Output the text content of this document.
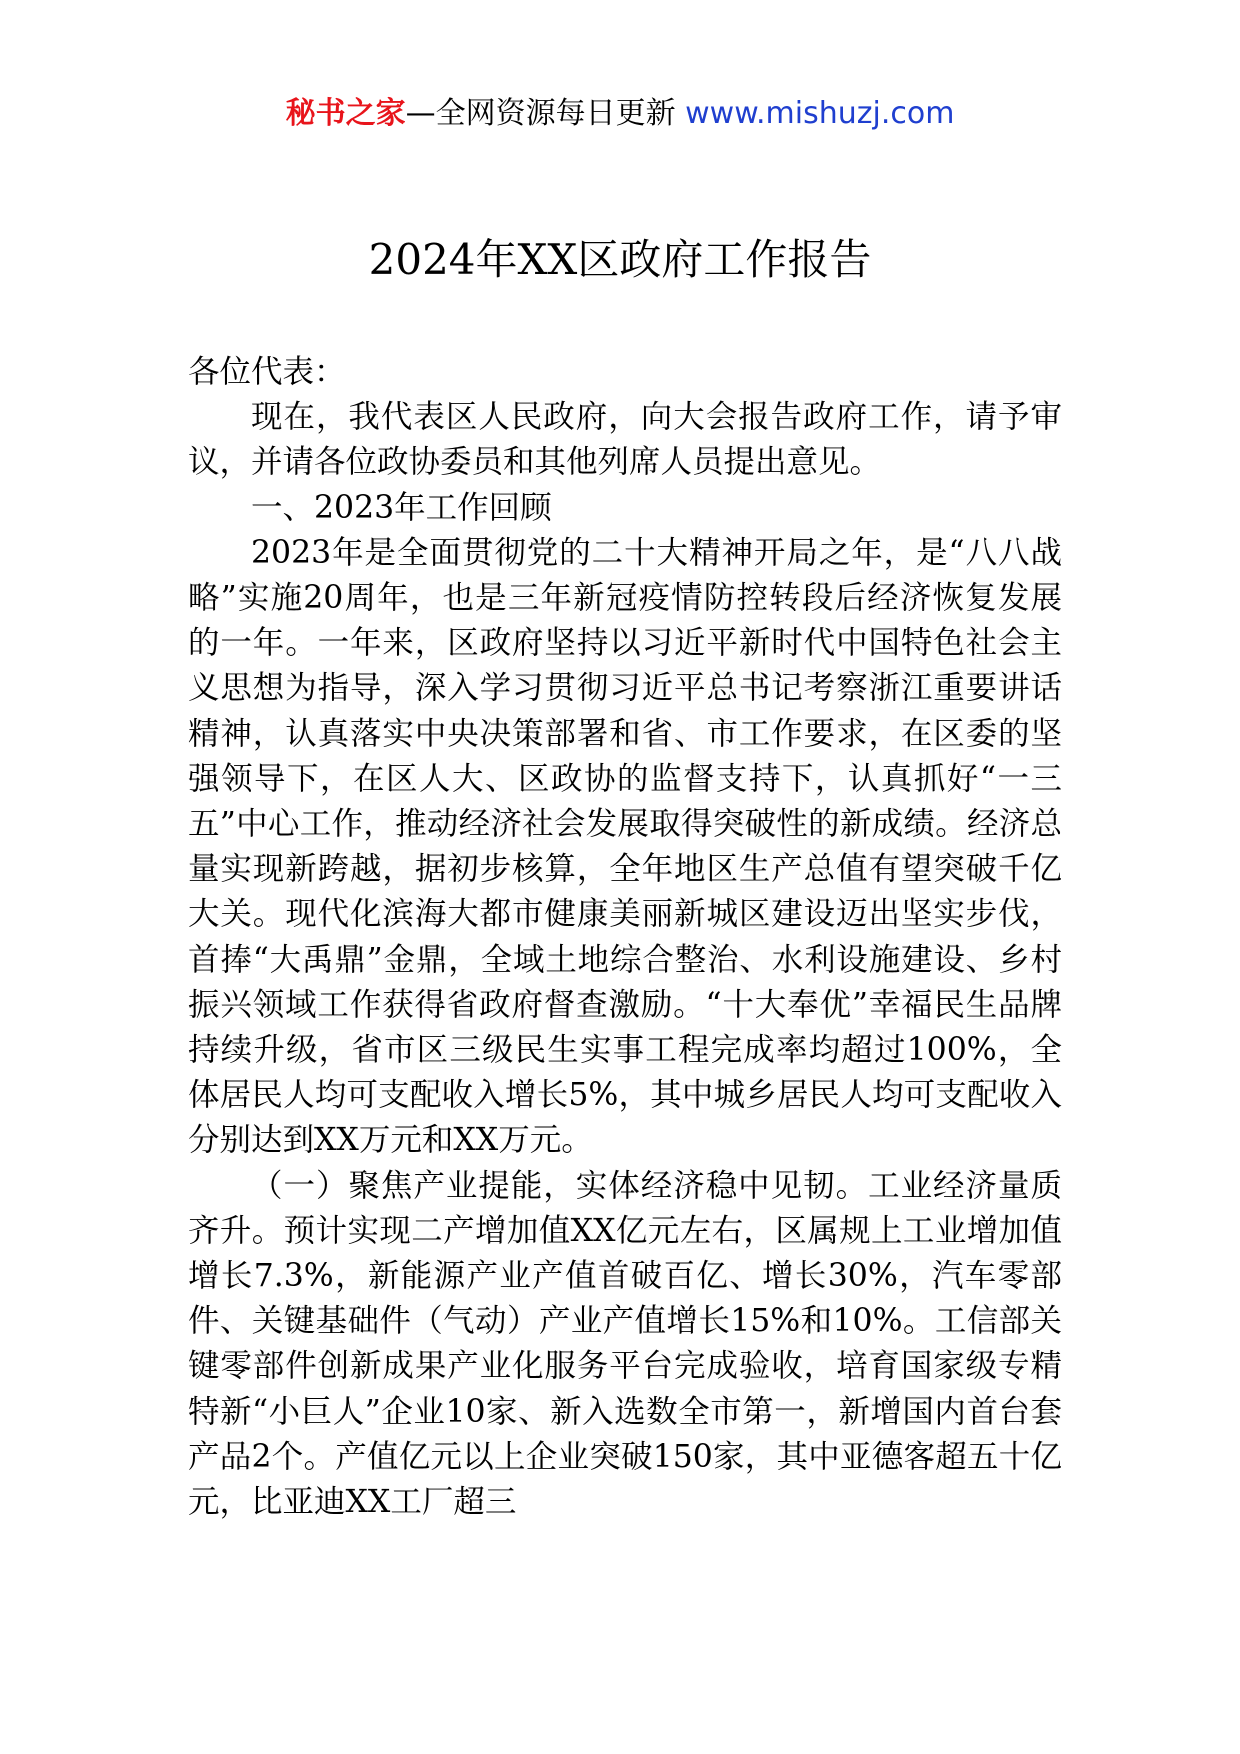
秘书之家—全网资源每日更新 www.mishuzj.com
2024年XX区政府工作报告

各位代表：

现在，我代表区人民政府，向大会报告政府工作，请予审议，并请各位政协委员和其他列席人员提出意见。

一、2023年工作回顾

2023年是全面贯彻党的二十大精神开局之年，是“八八战略”实施20周年，也是三年新冠疫情防控转段后经济恢复发展的一年。一年来，区政府坚持以习近平新时代中国特色社会主义思想为指导，深入学习贯彻习近平总书记考察浙江重要讲话精神，认真落实中央决策部署和省、市工作要求，在区委的坚强领导下，在区人大、区政协的监督支持下，认真抓好“一三五”中心工作，推动经济社会发展取得突破性的新成绩。经济总量实现新跨越，据初步核算，全年地区生产总值有望突破千亿大关。现代化滨海大都市健康美丽新城区建设迈出坚实步伐，首捧“大禹鼎”金鼎，全域土地综合整治、水利设施建设、乡村振兴领域工作获得省政府督查激励。“十大奉优”幸福民生品牌持续升级，省市区三级民生实事工程完成率均超过100%，全体居民人均可支配收入增长5%，其中城乡居民人均可支配收入分别达到XX万元和XX万元。

（一）聚焦产业提能，实体经济稳中见韧。工业经济量质齐升。预计实现二产增加值XX亿元左右，区属规上工业增加值增长7.3%，新能源产业产值首破百亿、增长30%，汽车零部件、关键基础件（气动）产业产值增长15%和10%。工信部关键零部件创新成果产业化服务平台完成验收，培育国家级专精特新“小巨人”企业10家、新入选数全市第一，新增国内首台套产品2个。产值亿元以上企业突破150家，其中亚德客超五十亿元，比亚迪XX工厂超三
